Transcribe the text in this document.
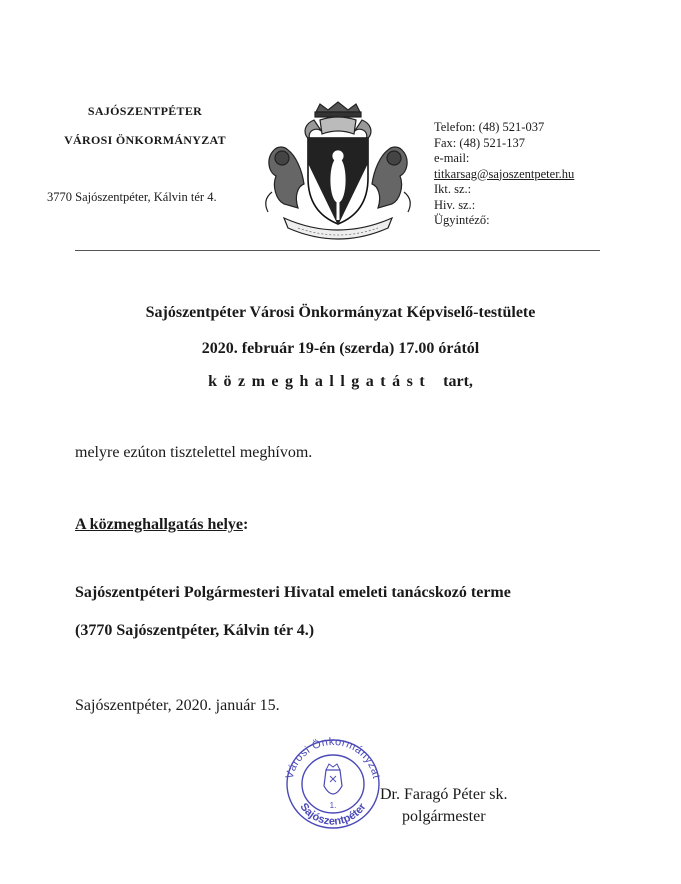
SAJÓSZENTPÉTER
VÁROSI ÖNKORMÁNYZAT
3770 Sajószentpéter, Kálvin tér 4.
Telefon: (48) 521-037
Fax: (48) 521-137
e-mail:
titkarsag@sajoszentpeter.hu
Ikt. sz.:
Hiv. sz.:
Ügyintéző:
Sajószentpéter Városi Önkormányzat Képviselő-testülete
2020. február 19-én (szerda) 17.00 órától
közmeghallgatást tart,
melyre ezúton tisztelettel meghívom.
A közmeghallgatás helye:
Sajószentpéteri Polgármesteri Hivatal emeleti tanácskozó terme
(3770 Sajószentpéter, Kálvin tér 4.)
Sajószentpéter, 2020. január 15.
Városi Önkormányzat
Sajószentpéter
1.
Dr. Faragó Péter sk.
polgármester
